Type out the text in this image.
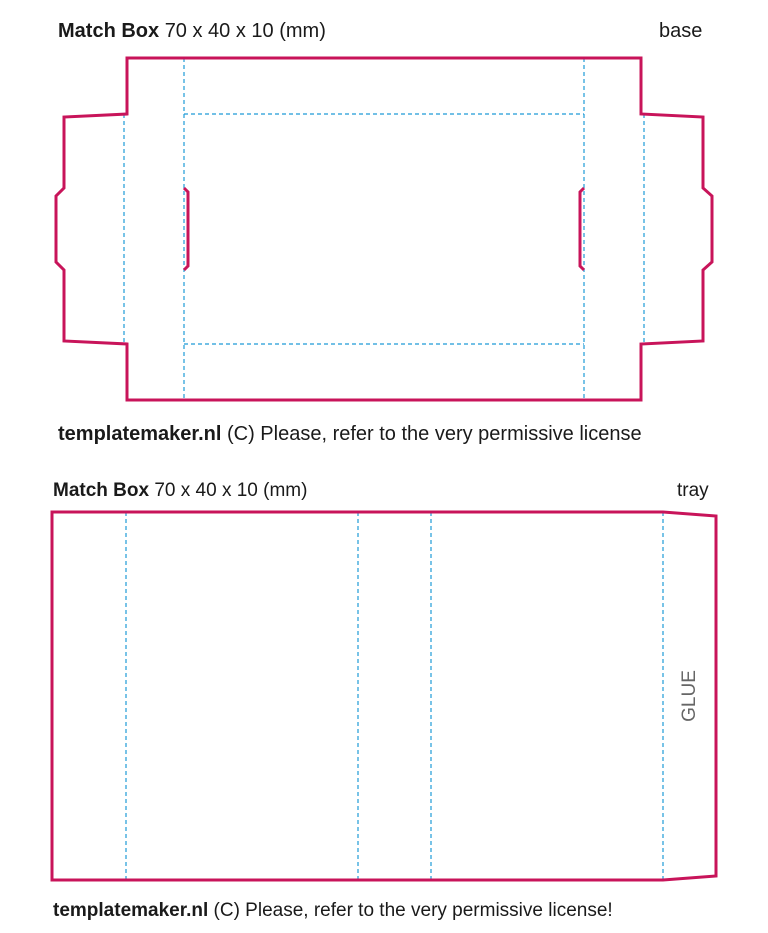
Match Box 70 x 40 x 10 (mm)	base
templatemaker.nl (C) Please, refer to the very permissive license
Match Box 70 x 40 x 10 (mm)	tray
templatemaker.nl (C) Please, refer to the very permissive license!
GLUE
